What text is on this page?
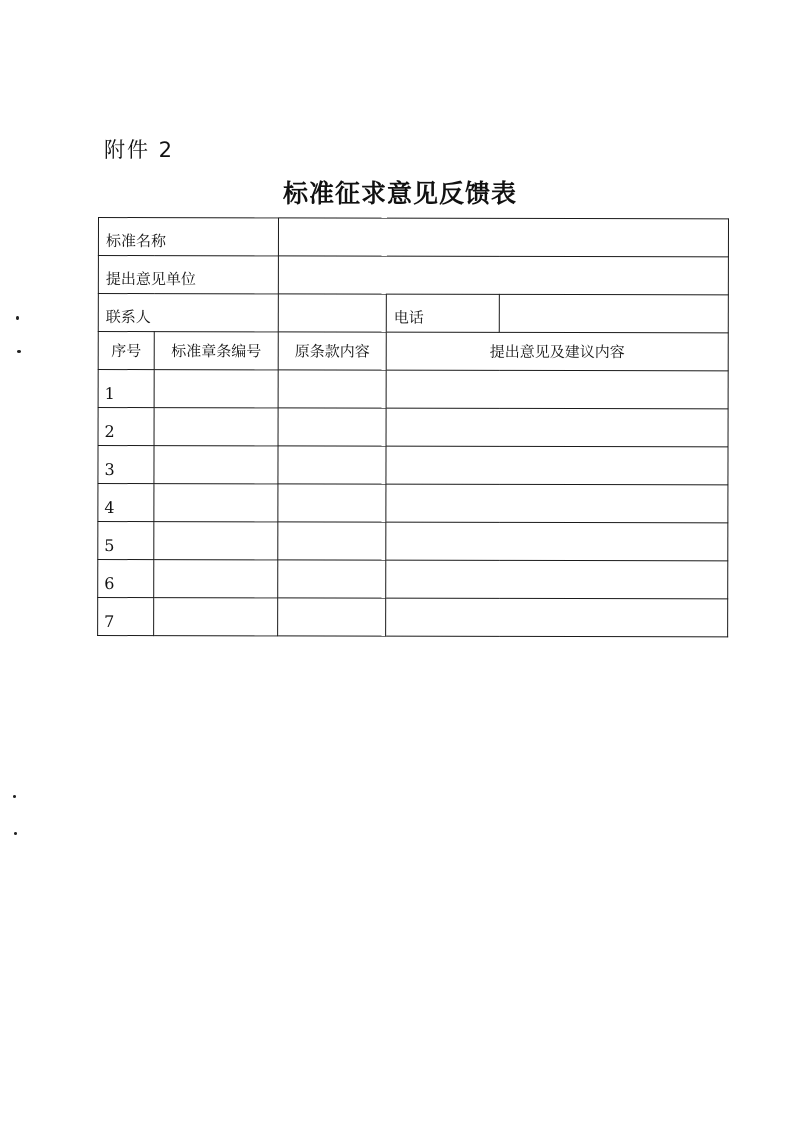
附件 2
标准征求意见反馈表
标准名称				
提出意见单位				
联系人			电话	
序号	标准章条编号	原条款内容	提出意见及建议内容	
1				
2				
3				
4				
5				
6				
7				
